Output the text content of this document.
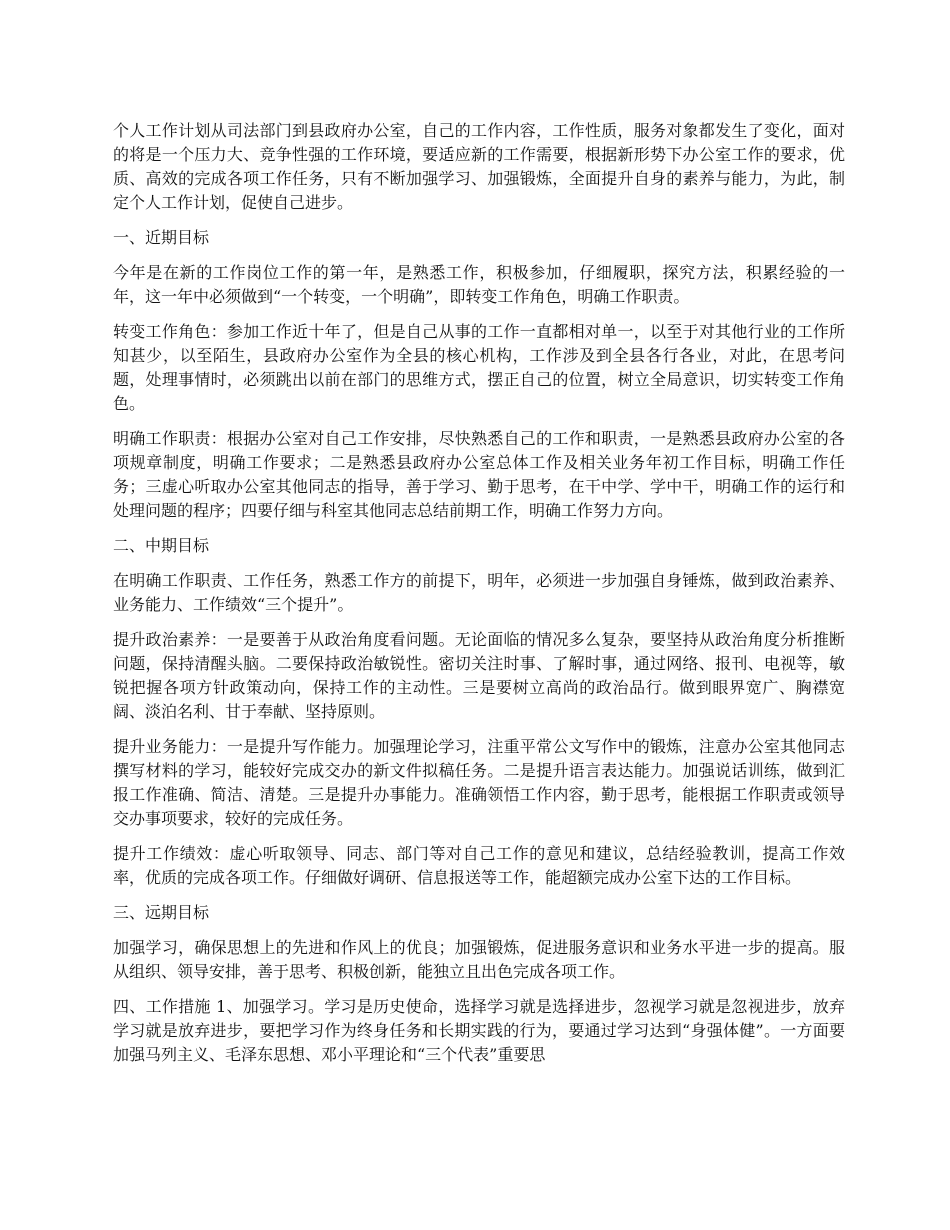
个人工作计划从司法部门到县政府办公室，自己的工作内容，工作性质，服务对象都发生了变化，面对的将是一个压力大、竞争性强的工作环境，要适应新的工作需要，根据新形势下办公室工作的要求，优质、高效的完成各项工作任务，只有不断加强学习、加强锻炼，全面提升自身的素养与能力，为此，制定个人工作计划，促使自己进步。

一、近期目标

今年是在新的工作岗位工作的第一年，是熟悉工作，积极参加，仔细履职，探究方法，积累经验的一年，这一年中必须做到“一个转变，一个明确”，即转变工作角色，明确工作职责。

转变工作角色：参加工作近十年了，但是自己从事的工作一直都相对单一，以至于对其他行业的工作所知甚少，以至陌生，县政府办公室作为全县的核心机构，工作涉及到全县各行各业，对此，在思考问题，处理事情时，必须跳出以前在部门的思维方式，摆正自己的位置，树立全局意识，切实转变工作角色。

明确工作职责：根据办公室对自己工作安排，尽快熟悉自己的工作和职责，一是熟悉县政府办公室的各项规章制度，明确工作要求；二是熟悉县政府办公室总体工作及相关业务年初工作目标，明确工作任务；三虚心听取办公室其他同志的指导，善于学习、勤于思考，在干中学、学中干，明确工作的运行和处理问题的程序；四要仔细与科室其他同志总结前期工作，明确工作努力方向。

二、中期目标

在明确工作职责、工作任务，熟悉工作方的前提下，明年，必须进一步加强自身锤炼，做到政治素养、业务能力、工作绩效“三个提升”。

提升政治素养：一是要善于从政治角度看问题。无论面临的情况多么复杂，要坚持从政治角度分析推断问题，保持清醒头脑。二要保持政治敏锐性。密切关注时事、了解时事，通过网络、报刊、电视等，敏锐把握各项方针政策动向，保持工作的主动性。三是要树立高尚的政治品行。做到眼界宽广、胸襟宽阔、淡泊名利、甘于奉献、坚持原则。

提升业务能力：一是提升写作能力。加强理论学习，注重平常公文写作中的锻炼，注意办公室其他同志撰写材料的学习，能较好完成交办的新文件拟稿任务。二是提升语言表达能力。加强说话训练，做到汇报工作准确、简洁、清楚。三是提升办事能力。准确领悟工作内容，勤于思考，能根据工作职责或领导交办事项要求，较好的完成任务。

提升工作绩效：虚心听取领导、同志、部门等对自己工作的意见和建议，总结经验教训，提高工作效率，优质的完成各项工作。仔细做好调研、信息报送等工作，能超额完成办公室下达的工作目标。

三、远期目标

加强学习，确保思想上的先进和作风上的优良；加强锻炼，促进服务意识和业务水平进一步的提高。服从组织、领导安排，善于思考、积极创新，能独立且出色完成各项工作。

四、工作措施 1、加强学习。学习是历史使命，选择学习就是选择进步，忽视学习就是忽视进步，放弃学习就是放弃进步，要把学习作为终身任务和长期实践的行为，要通过学习达到“身强体健”。一方面要加强马列主义、毛泽东思想、邓小平理论和“三个代表”重要思
